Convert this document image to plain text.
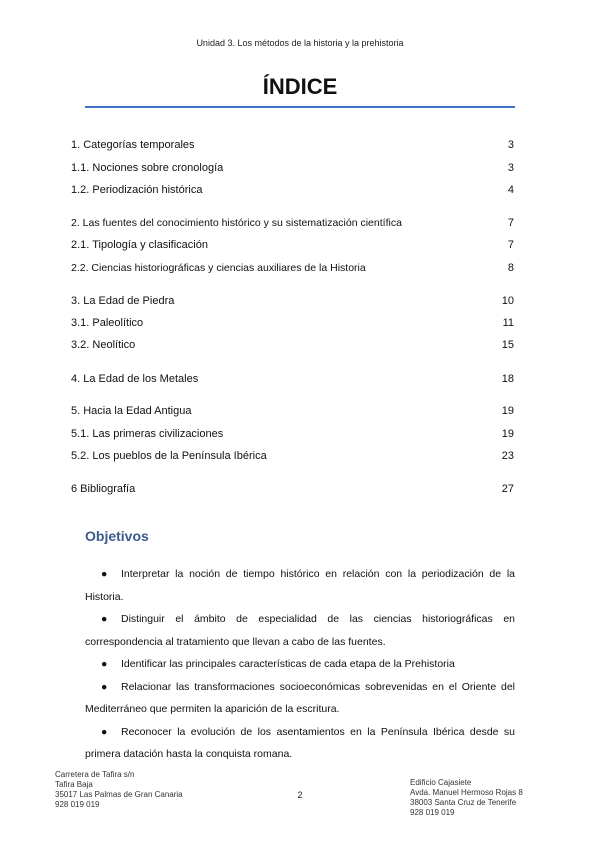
Unidad 3. Los métodos de la historia y la prehistoria
ÍNDICE
1. Categorías temporales	3
1.1. Nociones sobre cronología	3
1.2. Periodización histórica	4
2. Las fuentes del conocimiento histórico y su sistematización científica	7
2.1. Tipología y clasificación	7
2.2. Ciencias historiográficas y ciencias auxiliares de la Historia	8
3. La Edad de Piedra	10
3.1. Paleolítico	11
3.2. Neolítico	15
4. La Edad de los Metales	18
5. Hacia la Edad Antigua	19
5.1. Las primeras civilizaciones	19
5.2. Los pueblos de la Península Ibérica	23
6 Bibliografía	27
Objetivos

● Interpretar la noción de tiempo histórico en relación con la periodización de la Historia.

● Distinguir el ámbito de especialidad de las ciencias historiográficas en correspondencia al tratamiento que llevan a cabo de las fuentes.

● Identificar las principales características de cada etapa de la Prehistoria

● Relacionar las transformaciones socioeconómicas sobrevenidas en el Oriente del Mediterráneo que permiten la aparición de la escritura.

● Reconocer la evolución de los asentamientos en la Península Ibérica desde su primera datación hasta la conquista romana.

Carretera de Tafira s/n
Tafira Baja
35017 Las Palmas de Gran Canaria
928 019 019
2
Edificio Cajasiete
Avda. Manuel Hermoso Rojas 8
38003 Santa Cruz de Tenerife
928 019 019
